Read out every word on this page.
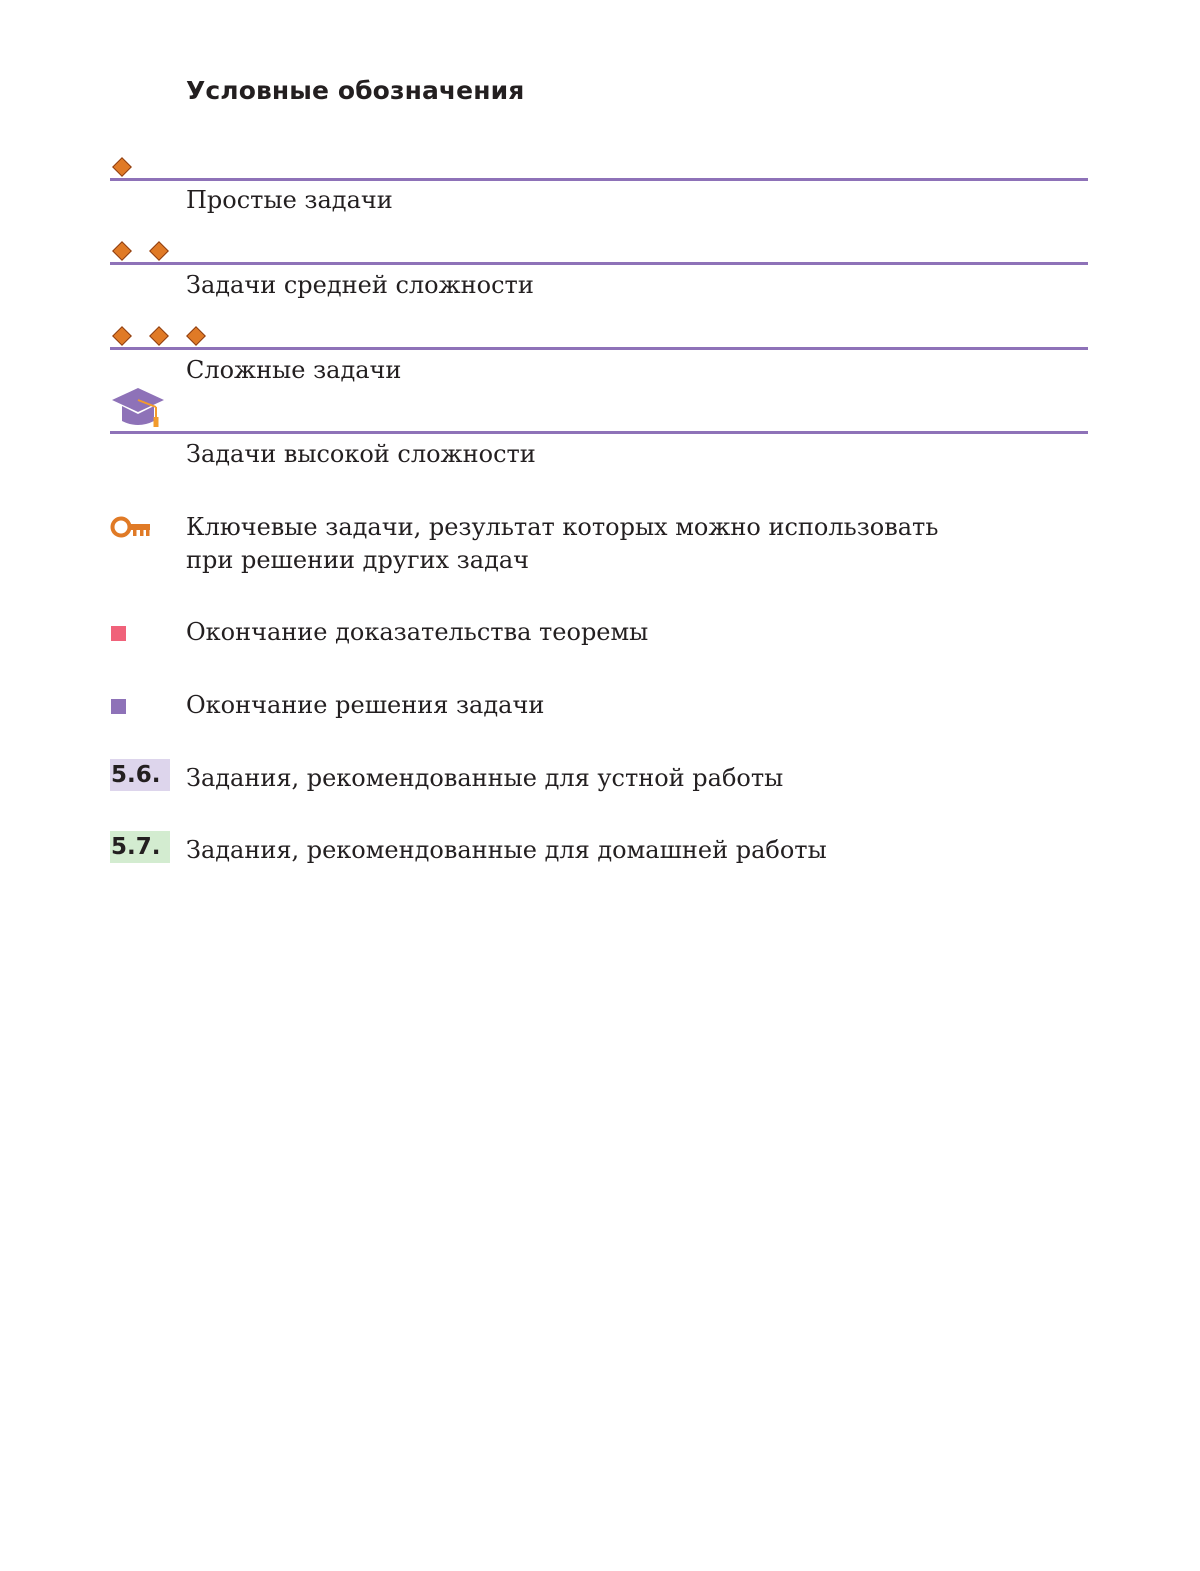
Условные обозначения
Простые задачи
Задачи средней сложности
Сложные задачи
Задачи высокой сложности
Ключевые задачи, результат которых можно использовать
при решении других задач
Окончание доказательства теоремы
Окончание решения задачи
5.6.	Задания, рекомендованные для устной работы
5.7.	Задания, рекомендованные для домашней работы
